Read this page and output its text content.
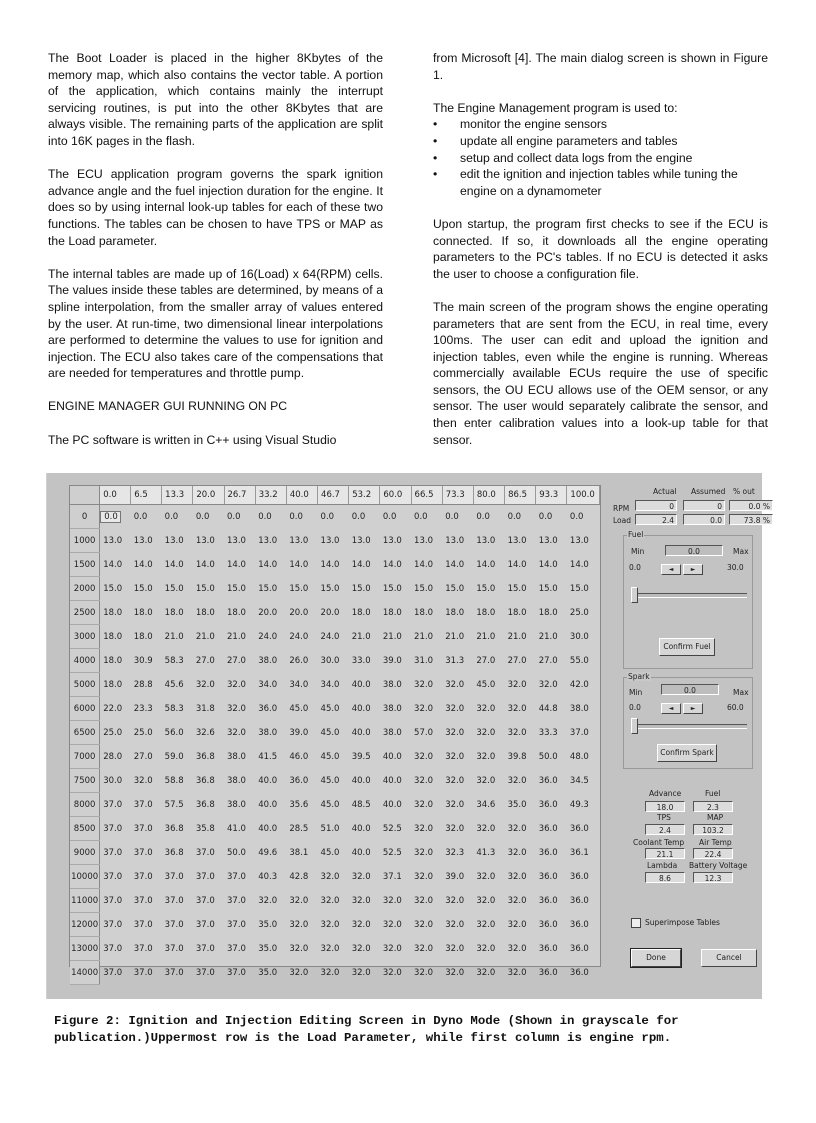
The Boot Loader is placed in the higher 8Kbytes of the memory map, which also contains the vector table. A portion of the application, which contains mainly the interrupt servicing routines, is put into the other 8Kbytes that are always visible. The remaining parts of the application are split into 16K pages in the flash.

The ECU application program governs the spark ignition advance angle and the fuel injection duration for the engine. It does so by using internal look-up tables for each of these two functions. The tables can be chosen to have TPS or MAP as the Load parameter.

The internal tables are made up of 16(Load) x 64(RPM) cells. The values inside these tables are determined, by means of a spline interpolation, from the smaller array of values entered by the user. At run-time, two dimensional linear interpolations are performed to determine the values to use for ignition and injection. The ECU also takes care of the compensations that are needed for temperatures and throttle pump.

ENGINE MANAGER GUI RUNNING ON PC

The PC software is written in C++ using Visual Studio

from Microsoft [4]. The main dialog screen is shown in Figure 1.

The Engine Management program is used to:

• monitor the engine sensors
• update all engine parameters and tables
• setup and collect data logs from the engine
• edit the ignition and injection tables while tuning the engine on a dynamometer

Upon startup, the program first checks to see if the ECU is connected. If so, it downloads all the engine operating parameters to the PC's tables. If no ECU is detected it asks the user to choose a configuration file.

The main screen of the program shows the engine operating parameters that are sent from the ECU, in real time, every 100ms. The user can edit and upload the ignition and injection tables, even while the engine is running. Whereas commercially available ECUs require the use of specific sensors, the OU ECU allows use of the OEM sensor, or any sensor. The user would separately calibrate the sensor, and then enter calibration values into a look-up table for that sensor.

	0.0	6.5	13.3	20.0	26.7	33.2	40.0	46.7	53.2	60.0	66.5	73.3	80.0	86.5	93.3	100.0
0	0.0	0.0	0.0	0.0	0.0	0.0	0.0	0.0	0.0	0.0	0.0	0.0	0.0	0.0	0.0	0.0
1000	13.0	13.0	13.0	13.0	13.0	13.0	13.0	13.0	13.0	13.0	13.0	13.0	13.0	13.0	13.0	13.0
1500	14.0	14.0	14.0	14.0	14.0	14.0	14.0	14.0	14.0	14.0	14.0	14.0	14.0	14.0	14.0	14.0
2000	15.0	15.0	15.0	15.0	15.0	15.0	15.0	15.0	15.0	15.0	15.0	15.0	15.0	15.0	15.0	15.0
2500	18.0	18.0	18.0	18.0	18.0	20.0	20.0	20.0	18.0	18.0	18.0	18.0	18.0	18.0	18.0	25.0
3000	18.0	18.0	21.0	21.0	21.0	24.0	24.0	24.0	21.0	21.0	21.0	21.0	21.0	21.0	21.0	30.0
4000	18.0	30.9	58.3	27.0	27.0	38.0	26.0	30.0	33.0	39.0	31.0	31.3	27.0	27.0	27.0	55.0
5000	18.0	28.8	45.6	32.0	32.0	34.0	34.0	34.0	40.0	38.0	32.0	32.0	45.0	32.0	32.0	42.0
6000	22.0	23.3	58.3	31.8	32.0	36.0	45.0	45.0	40.0	38.0	32.0	32.0	32.0	32.0	44.8	38.0
6500	25.0	25.0	56.0	32.6	32.0	38.0	39.0	45.0	40.0	38.0	57.0	32.0	32.0	32.0	33.3	37.0
7000	28.0	27.0	59.0	36.8	38.0	41.5	46.0	45.0	39.5	40.0	32.0	32.0	32.0	39.8	50.0	48.0
7500	30.0	32.0	58.8	36.8	38.0	40.0	36.0	45.0	40.0	40.0	32.0	32.0	32.0	32.0	36.0	34.5
8000	37.0	37.0	57.5	36.8	38.0	40.0	35.6	45.0	48.5	40.0	32.0	32.0	34.6	35.0	36.0	49.3
8500	37.0	37.0	36.8	35.8	41.0	40.0	28.5	51.0	40.0	52.5	32.0	32.0	32.0	32.0	36.0	36.0
9000	37.0	37.0	36.8	37.0	50.0	49.6	38.1	45.0	40.0	52.5	32.0	32.3	41.3	32.0	36.0	36.1
10000	37.0	37.0	37.0	37.0	37.0	40.3	42.8	32.0	32.0	37.1	32.0	39.0	32.0	32.0	36.0	36.0
11000	37.0	37.0	37.0	37.0	37.0	32.0	32.0	32.0	32.0	32.0	32.0	32.0	32.0	32.0	36.0	36.0
12000	37.0	37.0	37.0	37.0	37.0	35.0	32.0	32.0	32.0	32.0	32.0	32.0	32.0	32.0	36.0	36.0
13000	37.0	37.0	37.0	37.0	37.0	35.0	32.0	32.0	32.0	32.0	32.0	32.0	32.0	32.0	36.0	36.0
14000	37.0	37.0	37.0	37.0	37.0	35.0	32.0	32.0	32.0	32.0	32.0	32.0	32.0	32.0	36.0	36.0
Actual Assumed % out
RPM
Load
0	0	0.0 %
2.4	0.0	73.8 %
Fuel
Min	Max
0.0
0.0	30.0
◄	►
Confirm Fuel
Spark
Min	Max
0.0
0.0	60.0
◄	►
Confirm Spark
Advance	Fuel
18.0	2.3
TPS	MAP
2.4	103.2
Coolant Temp Air Temp
21.1	22.4
Lambda Battery Voltage
8.6	12.3
Superimpose Tables
Done	Cancel
Figure 2: Ignition and Injection Editing Screen in Dyno Mode (Shown in grayscale for
publication.)Uppermost row is the Load Parameter, while first column is engine rpm.
